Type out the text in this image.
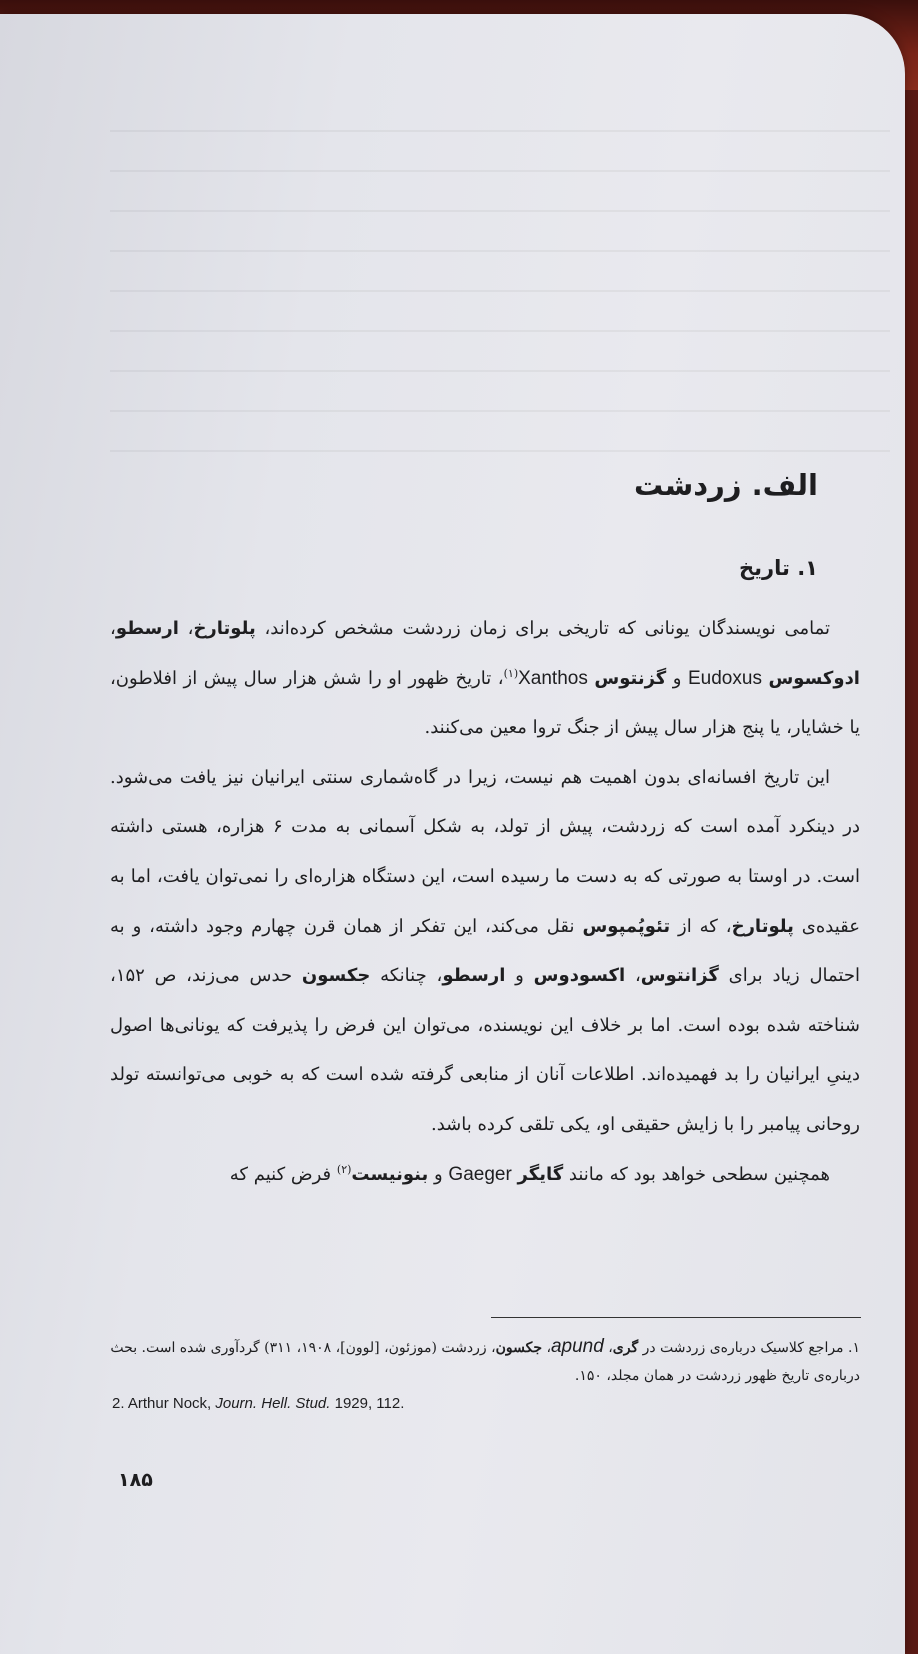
الف. زردشت
۱. تاریخ

تمامی نویسندگان یونانی که تاریخی برای زمان زردشت مشخص کرده‌اند، پلوتارخ، ارسطو، ادوکسوس Eudoxus و گزنتوس Xanthos$^{(۱)}$، تاریخ ظهور او را شش هزار سال پیش از افلاطون، یا خشایار، یا پنج هزار سال پیش از جنگ تروا معین می‌کنند.

این تاریخ افسانه‌ای بدون اهمیت هم نیست، زیرا در گاه‌شماری سنتی ایرانیان نیز یافت می‌شود. در دینکرد آمده است که زردشت، پیش از تولد، به شکل آسمانی به مدت ۶ هزاره، هستی داشته است. در اوستا به صورتی که به دست ما رسیده است، این دستگاه هزاره‌ای را نمی‌توان یافت، اما به عقیده‌ی پلوتارخ، که از تئوپُمپوس نقل می‌کند، این تفکر از همان قرن چهارم وجود داشته، و به احتمال زیاد برای گزانتوس، اکسودوس و ارسطو، چنانکه جکسون حدس می‌زند، ص ۱۵۲، شناخته شده بوده است. اما بر خلاف این نویسنده، می‌توان این فرض را پذیرفت که یونانی‌ها اصول دینیِ ایرانیان را بد فهمیده‌اند. اطلاعات آنان از منابعی گرفته شده است که به خوبی می‌توانسته تولد روحانی پیامبر را با زایش حقیقی او، یکی تلقی کرده باشد.

همچنین سطحی خواهد بود که مانند گایگر Gaeger و بنونیست$^{(۲)}$ فرض کنیم که

۱. مراجع کلاسیک درباره‌ی زردشت در گری، apund، جکسون، زردشت (موزئون، [لوون]، ۱۹۰۸، ۳۱۱) گردآوری شده است. بحث درباره‌ی تاریخ ظهور زردشت در همان مجلد، ۱۵۰.

2. Arthur Nock, Journ. Hell. Stud. 1929, 112.

۱۸۵
